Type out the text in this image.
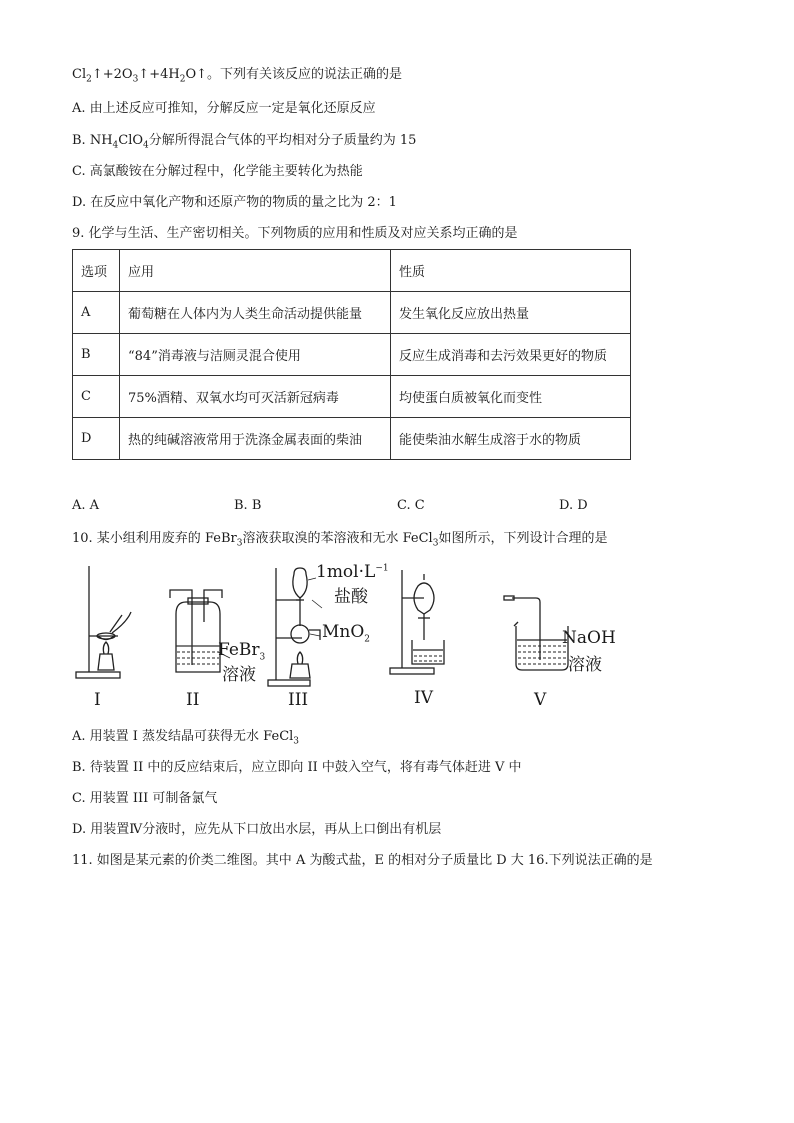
$Cl_2↑+2O_3↑+4H_2O↑$。下列有关该反应的说法正确的是
A. 由上述反应可推知，分解反应一定是氧化还原反应
B. $NH_4ClO_4$分解所得混合气体的平均相对分子质量约为 15
C. 高氯酸铵在分解过程中，化学能主要转化为热能
D. 在反应中氧化产物和还原产物的物质的量之比为 2：1
9. 化学与生活、生产密切相关。下列物质的应用和性质及对应关系均正确的是
选项	应用	性质
A	葡萄糖在人体内为人类生命活动提供能量	发生氧化反应放出热量
B	“84”消毒液与洁厕灵混合使用	反应生成消毒和去污效果更好的物质
C	75%酒精、双氧水均可灭活新冠病毒	均使蛋白质被氧化而变性
D	热的纯碱溶液常用于洗涤金属表面的柴油	能使柴油水解生成溶于水的物质
A. A	B. B	C. C	D. D
10. 某小组利用废弃的 FeBr$_3$溶液获取溴的苯溶液和无水 FeCl$_3$如图所示，下列设计合理的是
$1mol\cdot L^{-1}$
盐酸
MnO$_2$
FeBr$_3$
溶液
NaOH
溶液
I	II	III	IV	V
A. 用装置 I 蒸发结晶可获得无水 FeCl$_3$
B. 待装置 II 中的反应结束后，应立即向 II 中鼓入空气，将有毒气体赶进 V 中
C. 用装置 III 可制备氯气
D. 用装置Ⅳ分液时，应先从下口放出水层，再从上口倒出有机层
11. 如图是某元素的价类二维图。其中 A 为酸式盐，E 的相对分子质量比 D 大 16.下列说法正确的是
